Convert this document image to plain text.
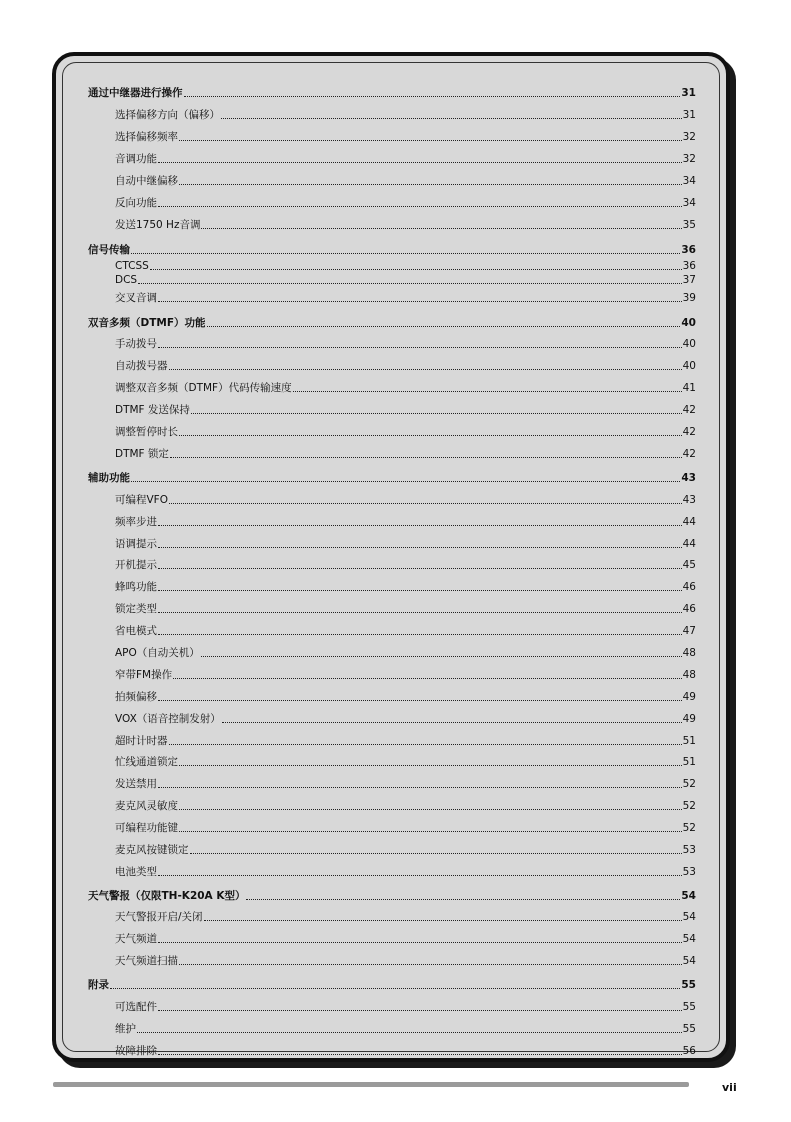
通过中继器进行操作	31
选择偏移方向（偏移）	31
选择偏移频率	32
音调功能	32
自动中继偏移	34
反向功能	34
发送1750 Hz音调	35
信号传输	36
CTCSS	36
DCS	37
交叉音调	39
双音多频（DTMF）功能	40
手动拨号	40
自动拨号器	40
调整双音多频（DTMF）代码传输速度	41
DTMF 发送保持	42
调整暂停时长	42
DTMF 锁定	42
辅助功能	43
可编程VFO	43
频率步进	44
语调提示	44
开机提示	45
蜂鸣功能	46
锁定类型	46
省电模式	47
APO（自动关机）	48
窄带FM操作	48
拍频偏移	49
VOX（语音控制发射）	49
超时计时器	51
忙线通道锁定	51
发送禁用	52
麦克风灵敏度	52
可编程功能键	52
麦克风按键锁定	53
电池类型	53
天气警报（仅限TH-K20A K型）	54
天气警报开启/关闭	54
天气频道	54
天气频道扫描	54
附录	55
可选配件	55
维护	55
故障排除	56
vii
